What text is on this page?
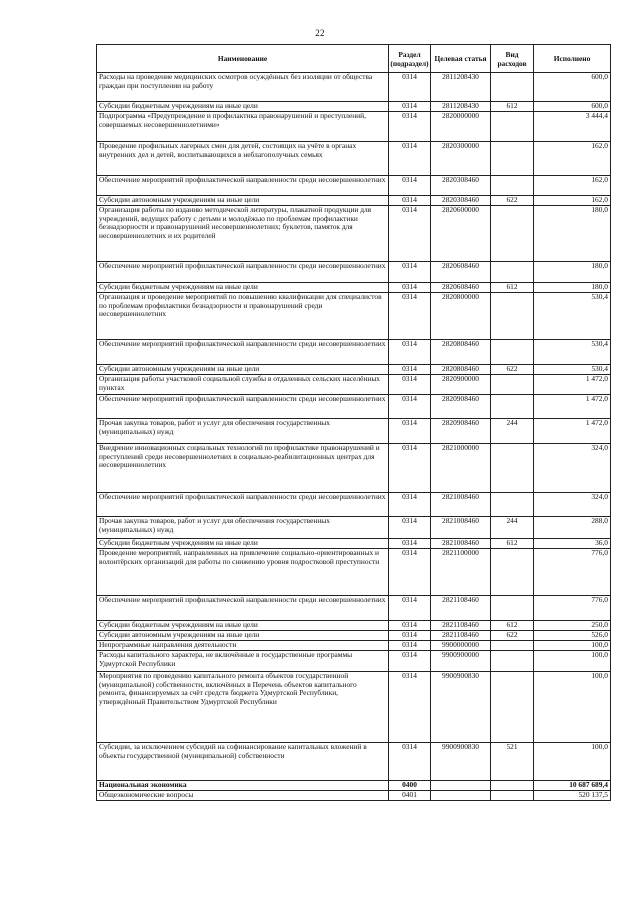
22
Наименование	Раздел (подраздел)	Целевая статья	Вид расходов	Исполнено
Расходы на проведение медицинских осмотров осуждённых без изоляции от общества граждан при поступлении на работу	0314	2811208430		600,0
Субсидии бюджетным учреждениям на иные цели	0314	2811208430	612	600,0
Подпрограмма «Предупреждение и профилактика правонарушений и преступлений, совершаемых несовершеннолетними»	0314	2820000000		3 444,4
Проведение профильных лагерных смен для детей, состоящих на учёте в органах внутренних дел и детей, воспитывающихся в неблагополучных семьях	0314	2820300000		162,0
Обеспечение мероприятий профилактической направленности среди несовершеннолетних	0314	2820308460		162,0
Субсидии автономным учреждениям на иные цели	0314	2820308460	622	162,0
Организация работы по изданию методической литературы, плакатной продукции для учреждений, ведущих работу с детьми и молодёжью по проблемам профилактики безнадзорности и правонарушений несовершеннолетних; буклетов, памяток для несовершеннолетних и их родителей	0314	2820600000		180,0
Обеспечение мероприятий профилактической направленности среди несовершеннолетних	0314	2820608460		180,0
Субсидии бюджетным учреждениям на иные цели	0314	2820608460	612	180,0
Организация и проведение мероприятий по повышению квалификации для специалистов по проблемам профилактики безнадзорности и правонарушений среди несовершеннолетних	0314	2820800000		530,4
Обеспечение мероприятий профилактической направленности среди несовершеннолетних	0314	2820808460		530,4
Субсидии автономным учреждениям на иные цели	0314	2820808460	622	530,4
Организация работы участковой социальной службы в отдаленных сельских населённых пунктах	0314	2820900000		1 472,0
Обеспечение мероприятий профилактической направленности среди несовершеннолетних	0314	2820908460		1 472,0
Прочая закупка товаров, работ и услуг для обеспечения государственных (муниципальных) нужд	0314	2820908460	244	1 472,0
Внедрение инновационных социальных технологий по профилактике правонарушений и преступлений среди несовершеннолетних в социально-реабилитационных центрах для несовершеннолетних	0314	2821000000		324,0
Обеспечение мероприятий профилактической направленности среди несовершеннолетних	0314	2821008460		324,0
Прочая закупка товаров, работ и услуг для обеспечения государственных (муниципальных) нужд	0314	2821008460	244	288,0
Субсидии бюджетным учреждениям на иные цели	0314	2821008460	612	36,0
Проведение мероприятий, направленных на привлечение социально-ориентированных и волонтёрских организаций для работы по снижению уровня подростковой преступности	0314	2821100000		776,0
Обеспечение мероприятий профилактической направленности среди несовершеннолетних	0314	2821108460		776,0
Субсидии бюджетным учреждениям на иные цели	0314	2821108460	612	250,0
Субсидии автономным учреждениям на иные цели	0314	2821108460	622	526,0
Непрограммные направления деятельности	0314	9900000000		100,0
Расходы капитального характера, не включённые в государственные программы Удмуртской Республики	0314	9900900000		100,0
Мероприятия по проведению капитального ремонта объектов государственной (муниципальной) собственности, включённых в Перечень объектов капитального ремонта, финансируемых за счёт средств бюджета Удмуртской Республики, утверждённый Правительством Удмуртской Республики	0314	9900900830		100,0
Субсидии, за исключением субсидий на софинансирование капитальных вложений в объекты государственной (муниципальной) собственности	0314	9900900830	521	100,0
Национальная экономика	0400			10 687 689,4
Общеэкономические вопросы	0401			520 137,5
